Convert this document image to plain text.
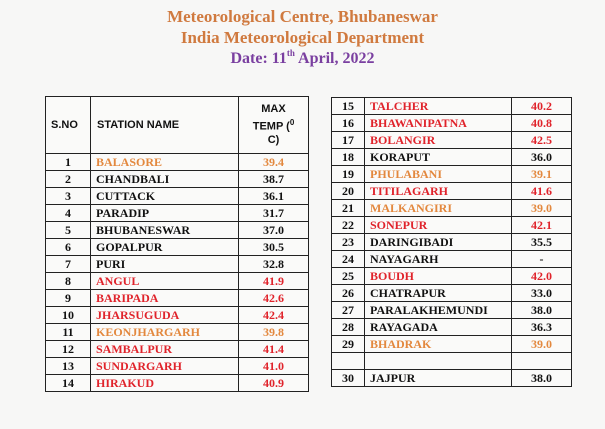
Meteorological Centre, Bhubaneswar
India Meteorological Department
Date: 11th April, 2022
S.NO	STATION NAME	MAX
TEMP ($^0$
C)
1	BALASORE	39.4
2	CHANDBALI	38.7
3	CUTTACK	36.1
4	PARADIP	31.7
5	BHUBANESWAR	37.0
6	GOPALPUR	30.5
7	PURI	32.8
8	ANGUL	41.9
9	BARIPADA	42.6
10	JHARSUGUDA	42.4
11	KEONJHARGARH	39.8
12	SAMBALPUR	41.4
13	SUNDARGARH	41.0
14	HIRAKUD	40.9
15	TALCHER	40.2
16	BHAWANIPATNA	40.8
17	BOLANGIR	42.5
18	KORAPUT	36.0
19	PHULABANI	39.1
20	TITILAGARH	41.6
21	MALKANGIRI	39.0
22	SONEPUR	42.1
23	DARINGIBADI	35.5
24	NAYAGARH	-
25	BOUDH	42.0
26	CHATRAPUR	33.0
27	PARALAKHEMUNDI	38.0
28	RAYAGADA	36.3
29	BHADRAK	39.0

30	JAJPUR	38.0
